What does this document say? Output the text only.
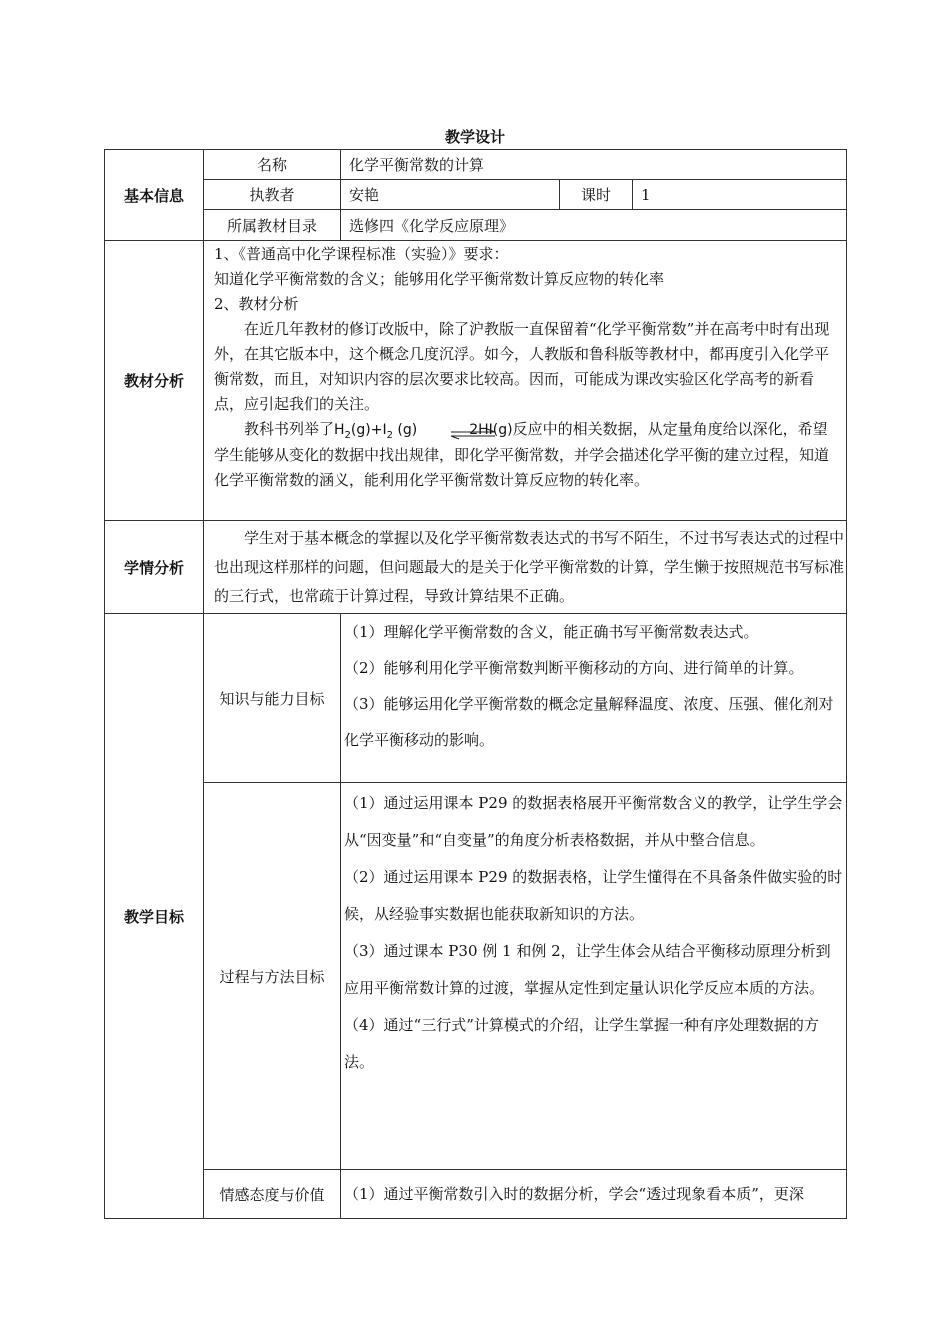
教学设计
基本信息	名称	化学平衡常数的计算		
	执教者	安艳	课时	1
	所属教材目录	选修四《化学反应原理》		
教材分析	1、《普通高中化学课程标准（实验）》要求：
知道化学平衡常数的含义；能够用化学平衡常数计算反应物的转化率
2、教材分析
在近几年教材的修订改版中，除了沪教版一直保留着“化学平衡常数”并在高考中时有出现外，在其它版本中，这个概念几度沉浮。如今，人教版和鲁科版等教材中，都再度引入化学平衡常数，而且，对知识内容的层次要求比较高。因而，可能成为课改实验区化学高考的新看点，应引起我们的关注。
教科书列举了$H_2(g)+I_2$ (g) 2HI(g)反应中的相关数据，从定量角度给以深化，希望学生能够从变化的数据中找出规律，即化学平衡常数，并学会描述化学平衡的建立过程，知道化学平衡常数的涵义，能利用化学平衡常数计算反应物的转化率。			

学情分析	学生对于基本概念的掌握以及化学平衡常数表达式的书写不陌生，不过书写表达式的过程中也出现这样那样的问题，但问题最大的是关于化学平衡常数的计算，学生懒于按照规范书写标准的三行式，也常疏于计算过程，导致计算结果不正确。			

教学目标	知识与能力目标	（1）理解化学平衡常数的含义，能正确书写平衡常数表达式。
（2）能够利用化学平衡常数判断平衡移动的方向、进行简单的计算。
（3）能够运用化学平衡常数的概念定量解释温度、浓度、压强、催化剂对化学平衡移动的影响。		

	过程与方法目标	（1）通过运用课本 P29 的数据表格展开平衡常数含义的教学，让学生学会从“因变量”和“自变量”的角度分析表格数据，并从中整合信息。
（2）通过运用课本 P29 的数据表格，让学生懂得在不具备条件做实验的时候，从经验事实数据也能获取新知识的方法。
（3）通过课本 P30 例 1 和例 2，让学生体会从结合平衡移动原理分析到应用平衡常数计算的过渡，掌握从定性到定量认识化学反应本质的方法。
（4）通过“三行式”计算模式的介绍，让学生掌握一种有序处理数据的方法。		

	情感态度与价值	（1）通过平衡常数引入时的数据分析，学会“透过现象看本质”，更深		
